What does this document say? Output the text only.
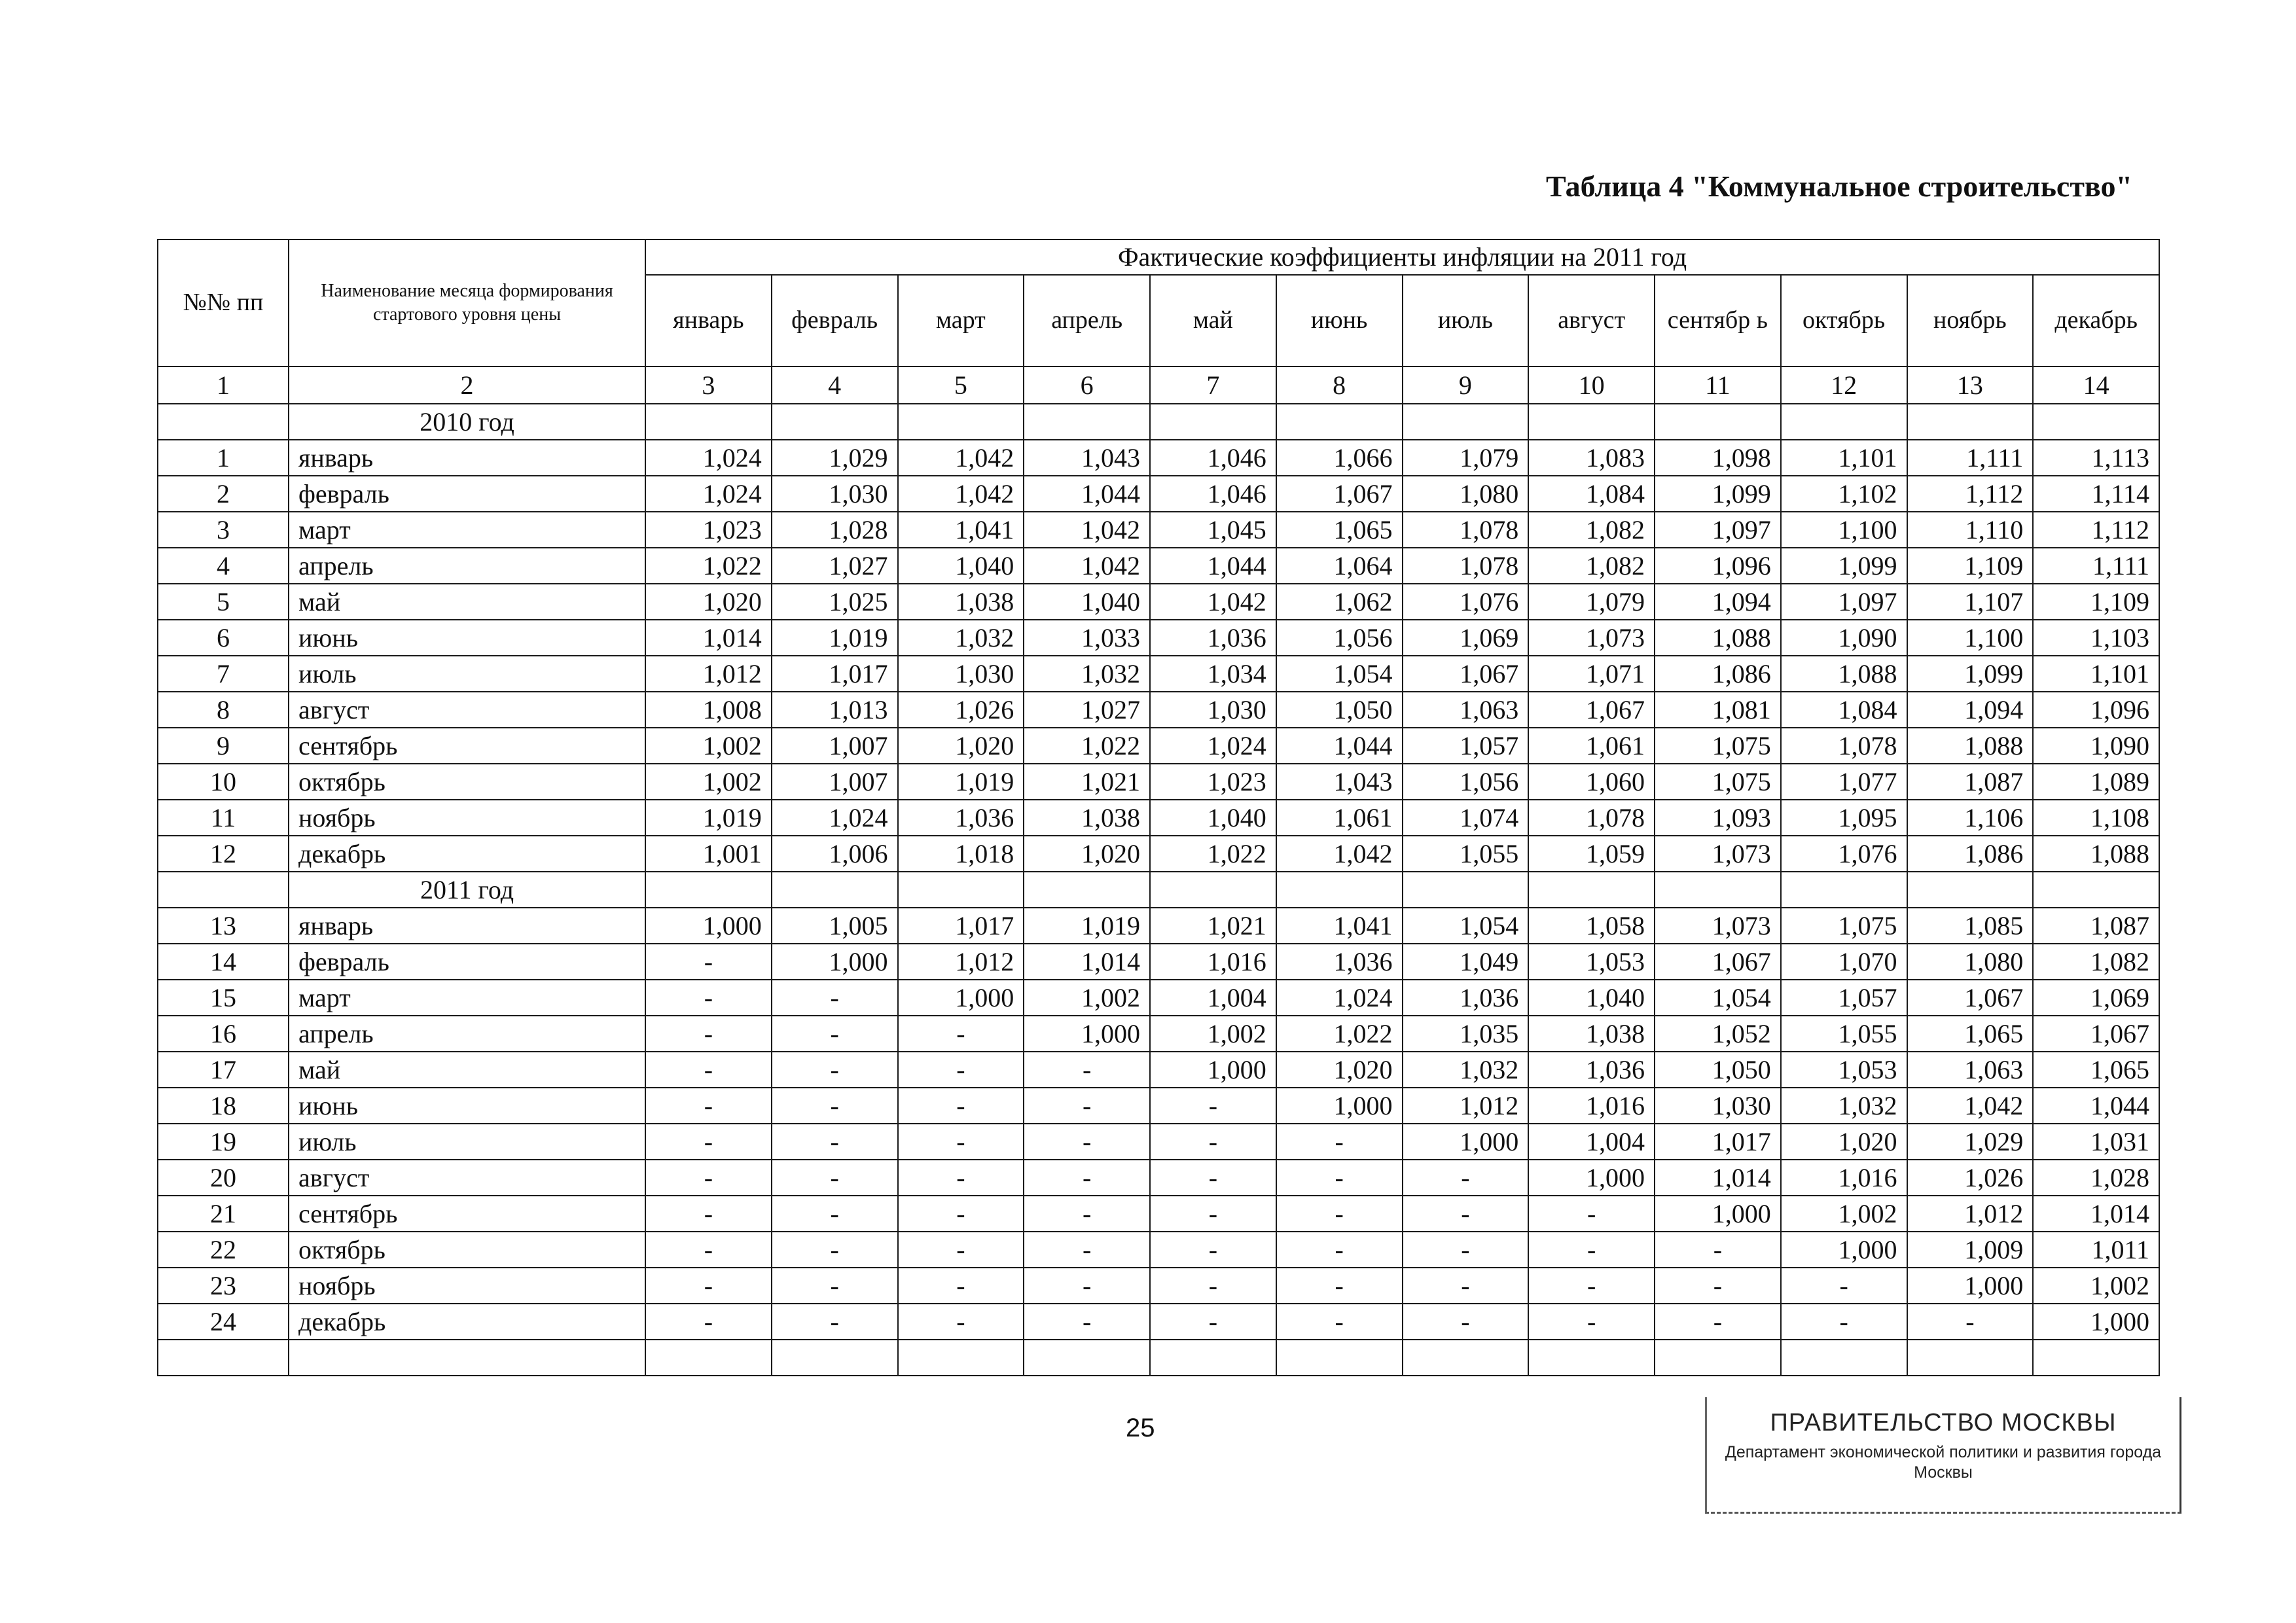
Таблица 4 "Коммунальное строительство"
№№ пп	Наименование месяца формирования стартового уровня цены	Фактические коэффициенты инфляции на 2011 год											
		январь	февраль	март	апрель	май	июнь	июль	август	сентябр ь	октябрь	ноябрь	декабрь
1	2	3	4	5	6	7	8	9	10	11	12	13	14
	2010 год												
1	январь	1,024	1,029	1,042	1,043	1,046	1,066	1,079	1,083	1,098	1,101	1,111	1,113
2	февраль	1,024	1,030	1,042	1,044	1,046	1,067	1,080	1,084	1,099	1,102	1,112	1,114
3	март	1,023	1,028	1,041	1,042	1,045	1,065	1,078	1,082	1,097	1,100	1,110	1,112
4	апрель	1,022	1,027	1,040	1,042	1,044	1,064	1,078	1,082	1,096	1,099	1,109	1,111
5	май	1,020	1,025	1,038	1,040	1,042	1,062	1,076	1,079	1,094	1,097	1,107	1,109
6	июнь	1,014	1,019	1,032	1,033	1,036	1,056	1,069	1,073	1,088	1,090	1,100	1,103
7	июль	1,012	1,017	1,030	1,032	1,034	1,054	1,067	1,071	1,086	1,088	1,099	1,101
8	август	1,008	1,013	1,026	1,027	1,030	1,050	1,063	1,067	1,081	1,084	1,094	1,096
9	сентябрь	1,002	1,007	1,020	1,022	1,024	1,044	1,057	1,061	1,075	1,078	1,088	1,090
10	октябрь	1,002	1,007	1,019	1,021	1,023	1,043	1,056	1,060	1,075	1,077	1,087	1,089
11	ноябрь	1,019	1,024	1,036	1,038	1,040	1,061	1,074	1,078	1,093	1,095	1,106	1,108
12	декабрь	1,001	1,006	1,018	1,020	1,022	1,042	1,055	1,059	1,073	1,076	1,086	1,088
	2011 год												
13	январь	1,000	1,005	1,017	1,019	1,021	1,041	1,054	1,058	1,073	1,075	1,085	1,087
14	февраль	-	1,000	1,012	1,014	1,016	1,036	1,049	1,053	1,067	1,070	1,080	1,082
15	март	-	-	1,000	1,002	1,004	1,024	1,036	1,040	1,054	1,057	1,067	1,069
16	апрель	-	-	-	1,000	1,002	1,022	1,035	1,038	1,052	1,055	1,065	1,067
17	май	-	-	-	-	1,000	1,020	1,032	1,036	1,050	1,053	1,063	1,065
18	июнь	-	-	-	-	-	1,000	1,012	1,016	1,030	1,032	1,042	1,044
19	июль	-	-	-	-	-	-	1,000	1,004	1,017	1,020	1,029	1,031
20	август	-	-	-	-	-	-	-	1,000	1,014	1,016	1,026	1,028
21	сентябрь	-	-	-	-	-	-	-	-	1,000	1,002	1,012	1,014
22	октябрь	-	-	-	-	-	-	-	-	-	1,000	1,009	1,011
23	ноябрь	-	-	-	-	-	-	-	-	-	-	1,000	1,002
24	декабрь	-	-	-	-	-	-	-	-	-	-	-	1,000

25	ПРАВИТЕЛЬСТВО МОСКВЫ
Департамент экономической политики и развития города Москвы
